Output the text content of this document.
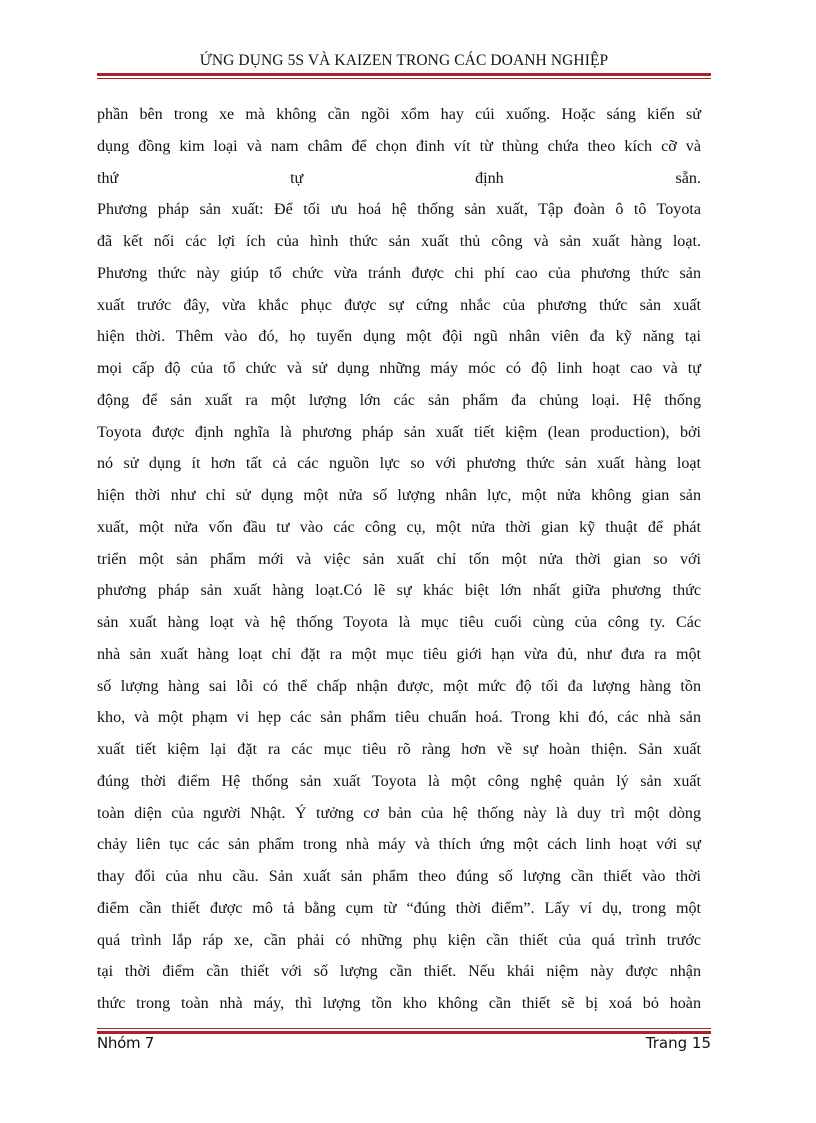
ỨNG DỤNG 5S VÀ KAIZEN TRONG CÁC DOANH NGHIỆP
phần bên trong xe mà không cần ngồi xổm hay cúi xuống. Hoặc sáng kiến sử
dụng đồng kim loại và nam châm để chọn đinh vít từ thùng chứa theo kích cỡ và
thứ	tự	định	sẵn.
Phương pháp sản xuất: Để tối ưu hoá hệ thống sản xuất, Tập đoàn ô tô Toyota
đã kết nối các lợi ích của hình thức sản xuất thủ công và sản xuất hàng loạt.
Phương thức này giúp tổ chức vừa tránh được chi phí cao của phương thức sản
xuất trước đây, vừa khắc phục được sự cứng nhắc của phương thức sản xuất
hiện thời. Thêm vào đó, họ tuyển dụng một đội ngũ nhân viên đa kỹ năng tại
mọi cấp độ của tổ chức và sử dụng những máy móc có độ linh hoạt cao và tự
động để sản xuất ra một lượng lớn các sản phẩm đa chủng loại. Hệ thống
Toyota được định nghĩa là phương pháp sản xuất tiết kiệm (lean production), bởi
nó sử dụng ít hơn tất cả các nguồn lực so với phương thức sản xuất hàng loạt
hiện thời như chỉ sử dụng một nửa số lượng nhân lực, một nửa không gian sản
xuất, một nửa vốn đầu tư vào các công cụ, một nửa thời gian kỹ thuật để phát
triển một sản phẩm mới và việc sản xuất chỉ tốn một nửa thời gian so với
phương pháp sản xuất hàng loạt.Có lẽ sự khác biệt lớn nhất giữa phương thức
sản xuất hàng loạt và hệ thống Toyota là mục tiêu cuối cùng của công ty. Các
nhà sản xuất hàng loạt chỉ đặt ra một mục tiêu giới hạn vừa đủ, như đưa ra một
số lượng hàng sai lỗi có thể chấp nhận được, một mức độ tối đa lượng hàng tồn
kho, và một phạm vi hẹp các sản phẩm tiêu chuẩn hoá. Trong khi đó, các nhà sản
xuất tiết kiệm lại đặt ra các mục tiêu rõ ràng hơn về sự hoàn thiện. Sản xuất
đúng thời điểm Hệ thống sản xuất Toyota là một công nghệ quản lý sản xuất
toàn diện của người Nhật. Ý tưởng cơ bản của hệ thống này là duy trì một dòng
chảy liên tục các sản phẩm trong nhà máy và thích ứng một cách linh hoạt với sự
thay đổi của nhu cầu. Sản xuất sản phẩm theo đúng số lượng cần thiết vào thời
điểm cần thiết được mô tả bằng cụm từ “đúng thời điểm”. Lấy ví dụ, trong một
quá trình lắp ráp xe, cần phải có những phụ kiện cần thiết của quá trình trước
tại thời điểm cần thiết với số lượng cần thiết. Nếu khái niệm này được nhận
thức trong toàn nhà máy, thì lượng tồn kho không cần thiết sẽ bị xoá bỏ hoàn
Nhóm 7	Trang 15
